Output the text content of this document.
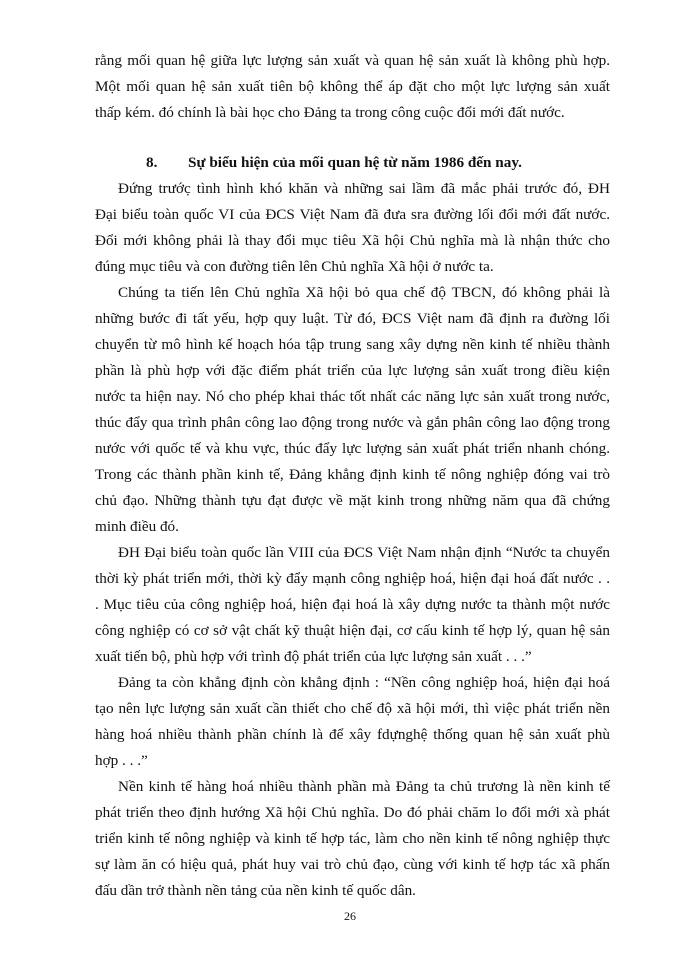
rằng mối quan hệ giữa lực lượng sản xuất và quan hệ sản xuất là không phù hợp.
Một mối quan hệ sản xuất tiên bộ không thể áp đặt cho một lực lượng sản xuất
thấp kém. đó chính là bài học cho Đảng ta trong công cuộc đổi mới đất nước.
8. Sự biểu hiện của mối quan hệ từ năm 1986 đến nay.
Đứng trước̣ tình hình khó khăn và những sai lầm đã mắc phải trước đó, ĐH
Đại biểu toàn quốc VI của ĐCS Việt Nam đã đưa sra đường lối đổi mới đất nước.
Đổi mới không phải là thay đổi mục tiêu Xã hội Chủ nghĩa mà là nhận thức cho
đúng mục tiêu và con đường tiên lên Chủ nghĩa Xã hội ở nước ta.
Chúng ta tiến lên Chủ nghĩa Xã hội bỏ qua chế độ TBCN, đó không phải là
những bước đi tất yếu, hợp quy luật. Từ đó, ĐCS Việt nam đã định ra đường lối
chuyển từ mô hình kế hoạch hóa tập trung sang xây dựng nền kinh tế nhiều thành
phần là phù hợp với đặc điểm phát triển của lực lượng sản xuất trong điều kiện
nước ta hiện nay. Nó cho phép khai thác tốt nhất các năng lực sản xuất trong nước,
thúc đẩy qua trình phân công lao động trong nước và gắn phân công lao động trong
nước với quốc tế và khu vực, thúc đẩy lực lượng sản xuất phát triển nhanh chóng.
Trong các thành phần kinh tế, Đảng khẳng định kinh tế nông nghiệp đóng vai trò
chủ đạo. Những thành tựu đạt được về mặt kinh trong những năm qua đã chứng
minh điều đó.
ĐH Đại biểu toàn quốc lần VIII của ĐCS Việt Nam nhận định “Nước ta chuyển
thời kỳ phát triển mới, thời kỳ đẩy mạnh công nghiệp hoá, hiện đại hoá đất nước . .
. Mục tiêu của công nghiệp hoá, hiện đại hoá là xây dựng nước ta thành một nước
công nghiệp có cơ sở vật chất kỹ thuật hiện đại, cơ cấu kinh tế hợp lý, quan hệ sản
xuất tiến bộ, phù hợp với trình độ phát triển của lực lượng sản xuất . . .”
Đảng ta còn khẳng định còn khẳng định : “Nền công nghiệp hoá, hiện đại hoá
tạo nên lực lượng sản xuất cần thiết cho chế độ xã hội mới, thì việc phát triển nền
hàng hoá nhiều thành phần chính là để xây fdựnghệ thống quan hệ sản xuất phù
hợp . . .”
Nền kinh tế hàng hoá nhiều thành phần mà Đảng ta chủ trương là nền kinh tế
phát triển theo định hướng Xã hội Chủ nghĩa. Do đó phải chăm lo đổi mới xà phát
triển kinh tế nông nghiệp và kinh tế hợp tác, làm cho nền kinh tế nông nghiệp thực
sự làm ăn có hiệu quả, phát huy vai trò chủ đạo, cùng với kinh tế hợp tác xã phấn
đấu dần trở thành nền tảng của nền kinh tế quốc dân.
26
